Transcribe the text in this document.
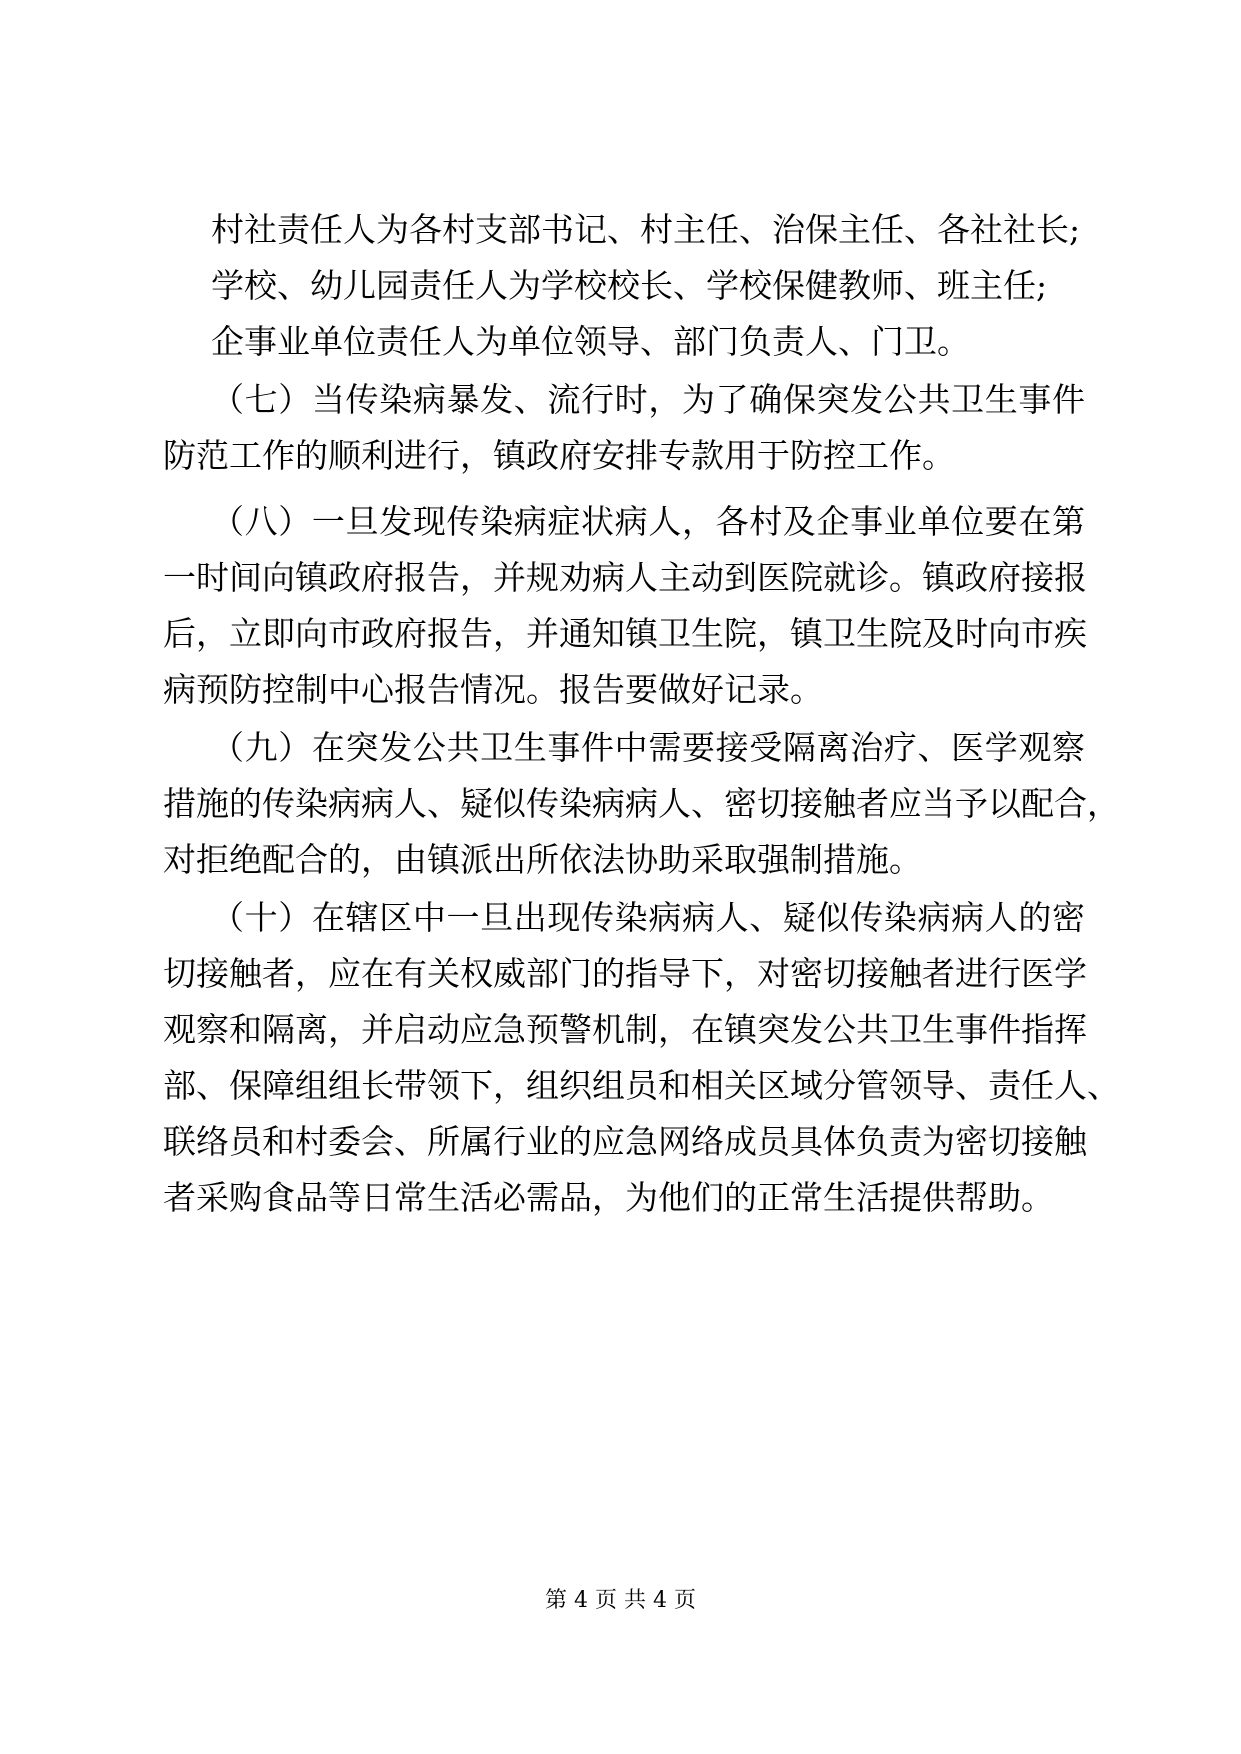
村社责任人为各村支部书记、村主任、治保主任、各社社长;
学校、幼儿园责任人为学校校长、学校保健教师、班主任;
企事业单位责任人为单位领导、部门负责人、门卫。
（七）当传染病暴发、流行时，为了确保突发公共卫生事件
防范工作的顺利进行，镇政府安排专款用于防控工作。
（八）一旦发现传染病症状病人，各村及企事业单位要在第
一时间向镇政府报告，并规劝病人主动到医院就诊。镇政府接报
后，立即向市政府报告，并通知镇卫生院，镇卫生院及时向市疾
病预防控制中心报告情况。报告要做好记录。
（九）在突发公共卫生事件中需要接受隔离治疗、医学观察
措施的传染病病人、疑似传染病病人、密切接触者应当予以配合，
对拒绝配合的，由镇派出所依法协助采取强制措施。
（十）在辖区中一旦出现传染病病人、疑似传染病病人的密
切接触者，应在有关权威部门的指导下，对密切接触者进行医学
观察和隔离，并启动应急预警机制，在镇突发公共卫生事件指挥
部、保障组组长带领下，组织组员和相关区域分管领导、责任人、
联络员和村委会、所属行业的应急网络成员具体负责为密切接触
者采购食品等日常生活必需品，为他们的正常生活提供帮助。
第 4 页 共 4 页
